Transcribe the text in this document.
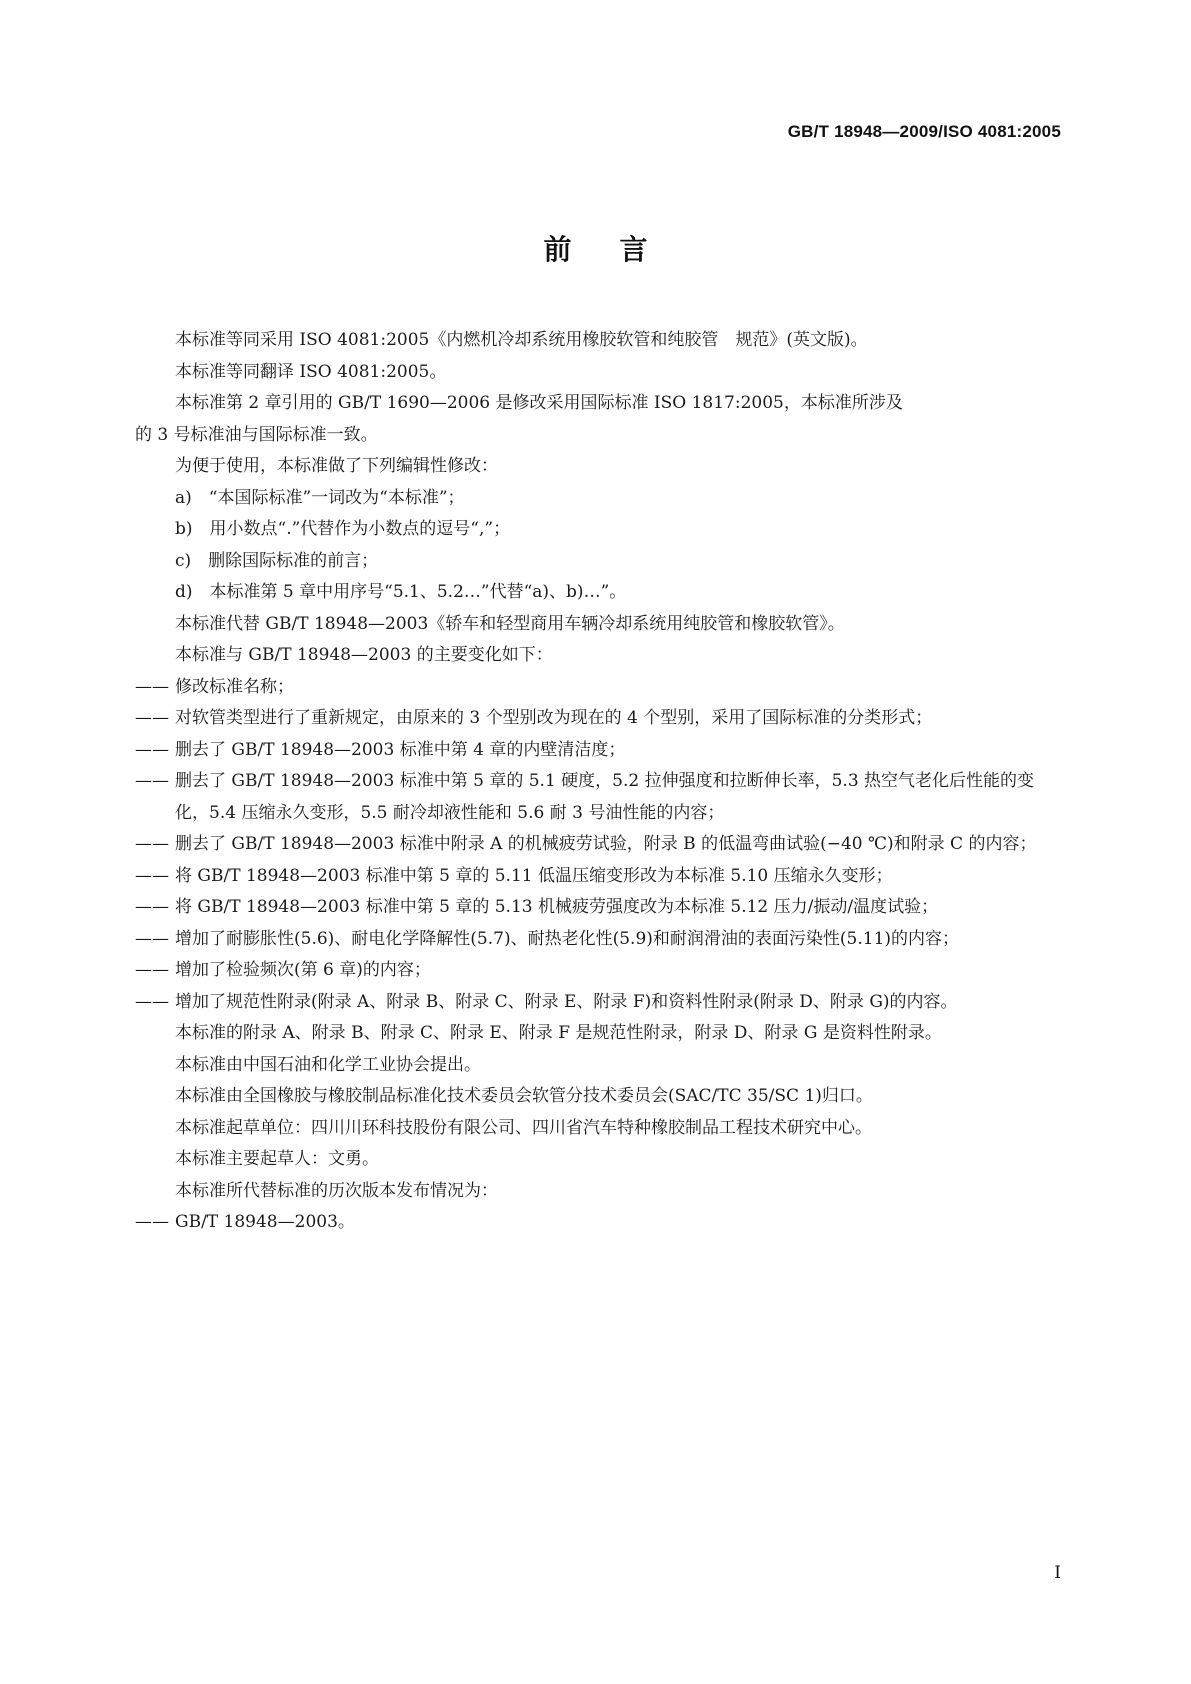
GB/T 18948—2009/ISO 4081:2005
前言

本标准等同采用 ISO 4081:2005《内燃机冷却系统用橡胶软管和纯胶管　规范》(英文版)。

本标准等同翻译 ISO 4081:2005。

本标准第 2 章引用的 GB/T 1690—2006 是修改采用国际标准 ISO 1817:2005，本标准所涉及

的 3 号标准油与国际标准一致。

为便于使用，本标准做了下列编辑性修改：

a)　“本国际标准”一词改为“本标准”；

b)　用小数点“.”代替作为小数点的逗号“,”；

c)　删除国际标准的前言；

d)　本标准第 5 章中用序号“5.1、5.2…”代替“a)、b)…”。

本标准代替 GB/T 18948—2003《轿车和轻型商用车辆冷却系统用纯胶管和橡胶软管》。

本标准与 GB/T 18948—2003 的主要变化如下：

—— 修改标准名称；
—— 对软管类型进行了重新规定，由原来的 3 个型别改为现在的 4 个型别，采用了国际标准的分类形式；
—— 删去了 GB/T 18948—2003 标准中第 4 章的内壁清洁度；
—— 删去了 GB/T 18948—2003 标准中第 5 章的 5.1 硬度，5.2 拉伸强度和拉断伸长率，5.3 热空气老化后性能的变化，5.4 压缩永久变形，5.5 耐冷却液性能和 5.6 耐 3 号油性能的内容；
—— 删去了 GB/T 18948—2003 标准中附录 A 的机械疲劳试验，附录 B 的低温弯曲试验(−40 ℃)和附录 C 的内容；
—— 将 GB/T 18948—2003 标准中第 5 章的 5.11 低温压缩变形改为本标准 5.10 压缩永久变形；
—— 将 GB/T 18948—2003 标准中第 5 章的 5.13 机械疲劳强度改为本标准 5.12 压力/振动/温度试验；
—— 增加了耐膨胀性(5.6)、耐电化学降解性(5.7)、耐热老化性(5.9)和耐润滑油的表面污染性(5.11)的内容；
—— 增加了检验频次(第 6 章)的内容；
—— 增加了规范性附录(附录 A、附录 B、附录 C、附录 E、附录 F)和资料性附录(附录 D、附录 G)的内容。

本标准的附录 A、附录 B、附录 C、附录 E、附录 F 是规范性附录，附录 D、附录 G 是资料性附录。

本标准由中国石油和化学工业协会提出。

本标准由全国橡胶与橡胶制品标准化技术委员会软管分技术委员会(SAC/TC 35/SC 1)归口。

本标准起草单位：四川川环科技股份有限公司、四川省汽车特种橡胶制品工程技术研究中心。

本标准主要起草人：文勇。

本标准所代替标准的历次版本发布情况为：

—— GB/T 18948—2003。
I
